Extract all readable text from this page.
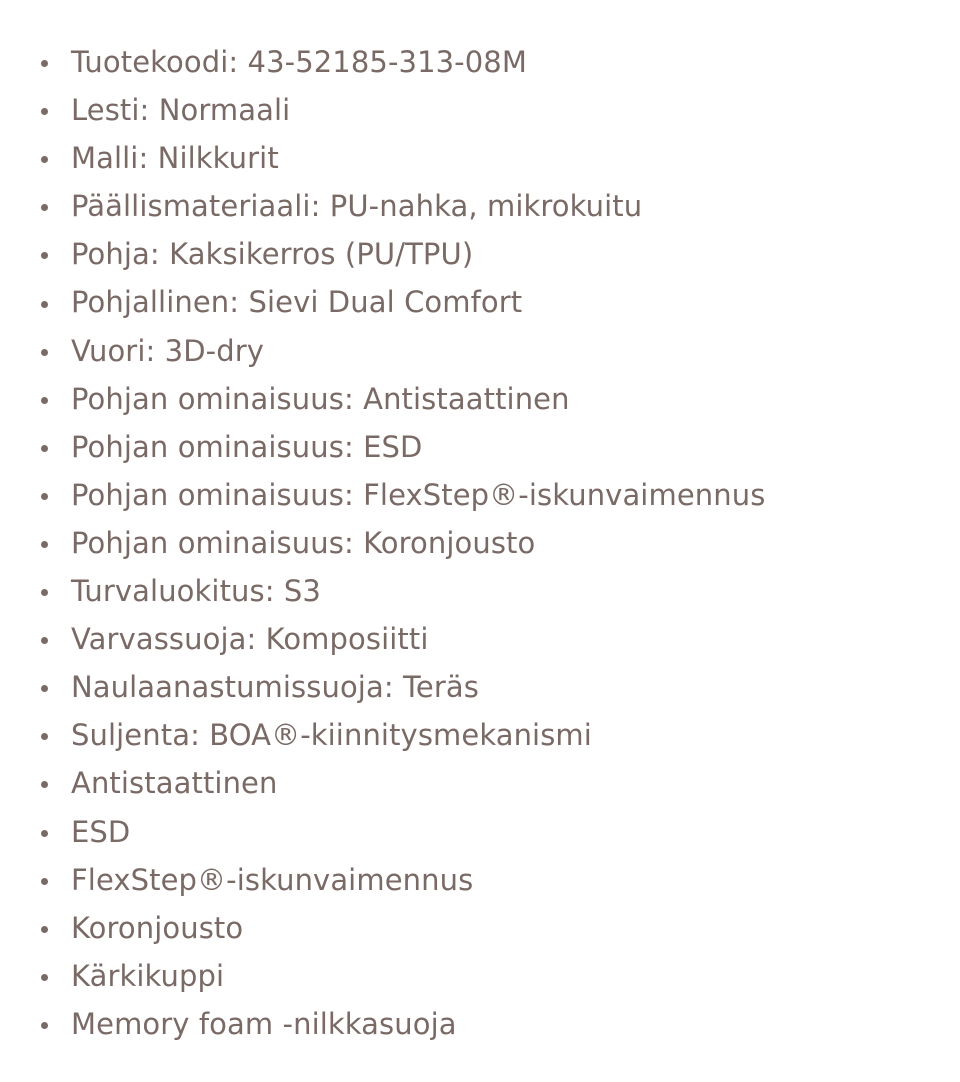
Tuotekoodi: 43-52185-313-08M
Lesti: Normaali
Malli: Nilkkurit
Päällismateriaali: PU-nahka, mikrokuitu
Pohja: Kaksikerros (PU/TPU)
Pohjallinen: Sievi Dual Comfort
Vuori: 3D-dry
Pohjan ominaisuus: Antistaattinen
Pohjan ominaisuus: ESD
Pohjan ominaisuus: FlexStep®-iskunvaimennus
Pohjan ominaisuus: Koronjousto
Turvaluokitus: S3
Varvassuoja: Komposiitti
Naulaanastumissuoja: Teräs
Suljenta: BOA®-kiinnitysmekanismi
Antistaattinen
ESD
FlexStep®-iskunvaimennus
Koronjousto
Kärkikuppi
Memory foam -nilkkasuoja
